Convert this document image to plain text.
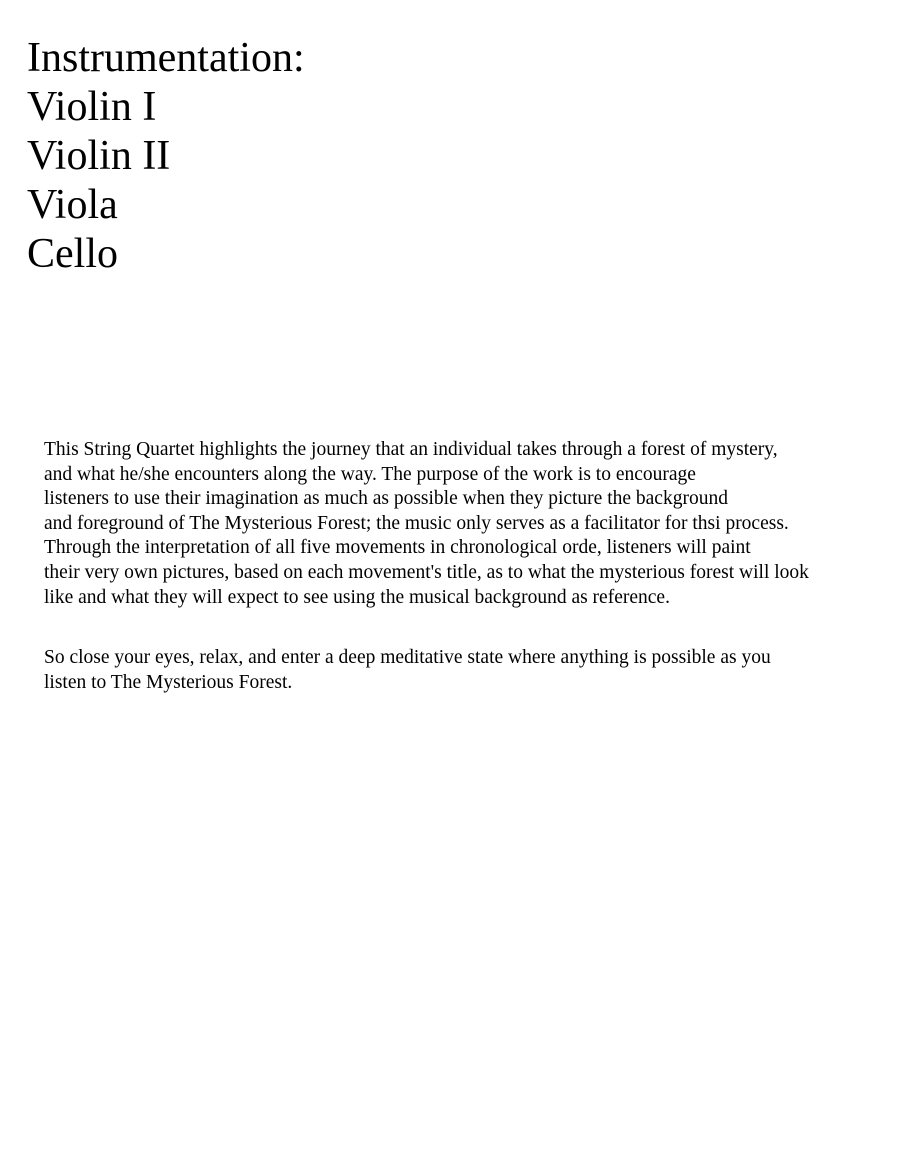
Instrumentation:
Violin I
Violin II
Viola
Cello
This String Quartet highlights the journey that an individual takes through a forest of mystery,
and what he/she encounters along the way. The purpose of the work is to encourage
listeners to use their imagination as much as possible when they picture the background
and foreground of The Mysterious Forest; the music only serves as a facilitator for thsi process.
Through the interpretation of all five movements in chronological orde, listeners will paint
their very own pictures, based on each movement's title, as to what the mysterious forest will look
like and what they will expect to see using the musical background as reference.
So close your eyes, relax, and enter a deep meditative state where anything is possible as you
listen to The Mysterious Forest.
